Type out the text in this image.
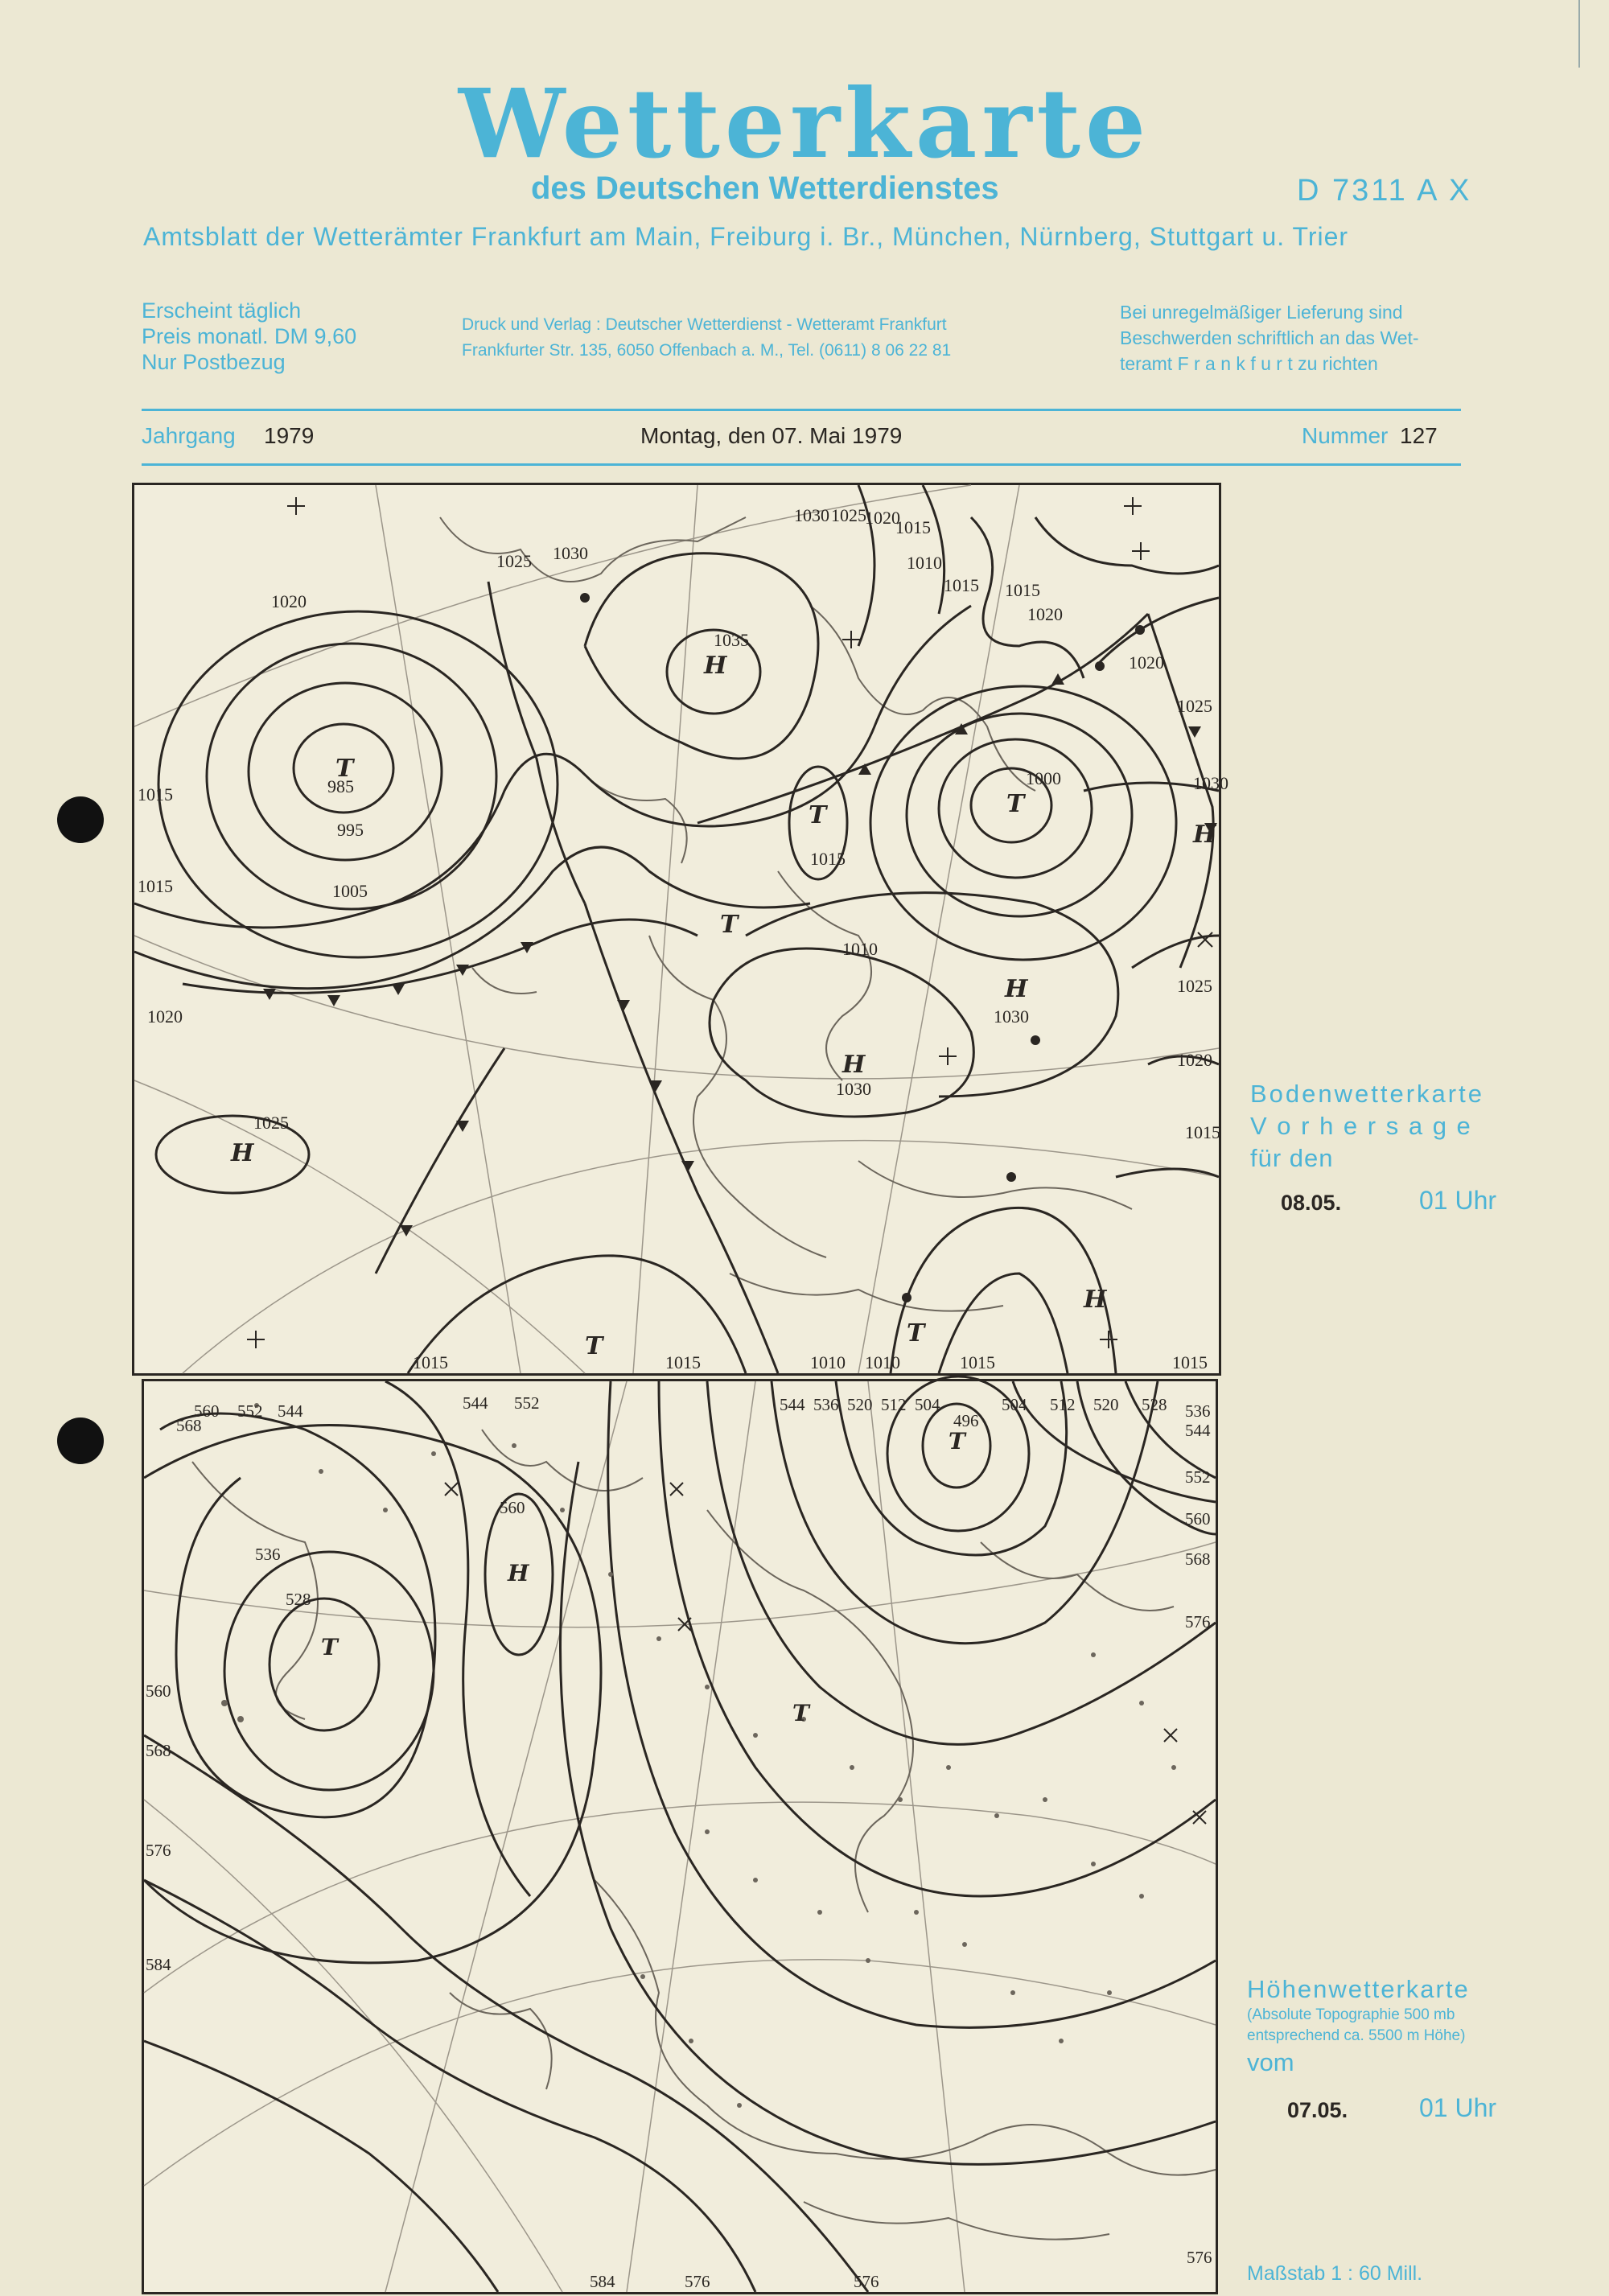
Wetterkarte
des Deutschen Wetterdienstes	D 7311 A X
Amtsblatt der Wetterämter Frankfurt am Main, Freiburg i. Br., München, Nürnberg, Stuttgart u. Trier
Erscheint täglich
Preis monatl. DM 9,60
Nur Postbezug
Druck und Verlag : Deutscher Wetterdienst - Wetteramt Frankfurt
Frankfurter Str. 135, 6050 Offenbach a. M., Tel. (0611) 8 06 22 81
Bei unregelmäßiger Lieferung sind
Beschwerden schriftlich an das Wet-
teramt F r a n k f u r t zu richten
Jahrgang 1979	Montag, den 07. Mai 1979	Nummer 127
1020
1025 1030
1030 1025
1020
1015
1010
1015
1020
1035
1000
985
995
1005
1015
1015
1020
1025
1010
1030
1030
1025
1020
1015
1025
1030
1020
1015
1015	1015	1010 1010	1015	1015
1015
T
H
T	T
H
H
T
H
H
T	T
H
Bodenwetterkarte
V o r h e r s a g e
für den
08.05.	01 Uhr
560 552 544
568
544 552	544 536 520 512 504
496
504 512 520 528 536
544
552
560
568
576
560
536
528
560
568
576
584
584	576	576
576
T
H
T
T
Höhenwetterkarte
(Absolute Topographie 500 mb
entsprechend ca. 5500 m Höhe)
vom
07.05.	01 Uhr
Maßstab 1 : 60 Mill.
